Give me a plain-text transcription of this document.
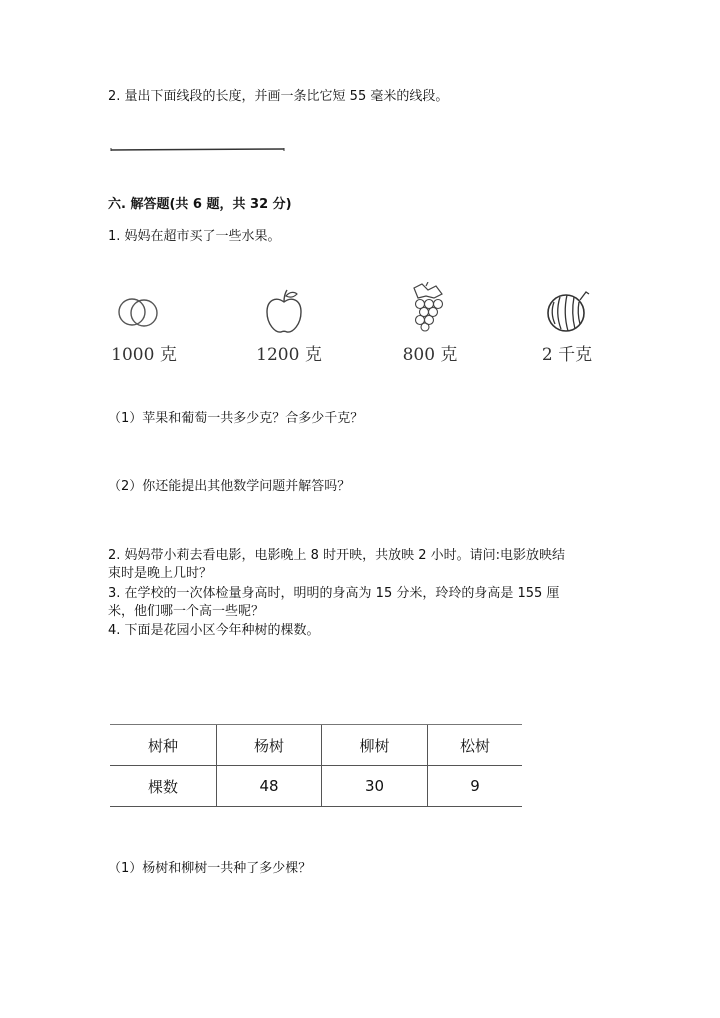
2. 量出下面线段的长度，并画一条比它短 55 毫米的线段。
六. 解答题(共 6 题，共 32 分)
1. 妈妈在超市买了一些水果。
1000 克	1200 克	800 克	2 千克
（1）苹果和葡萄一共多少克？合多少千克？
（2）你还能提出其他数学问题并解答吗？
2. 妈妈带小莉去看电影，电影晚上 8 时开映，共放映 2 小时。请问:电影放映结
束时是晚上几时？
3. 在学校的一次体检量身高时，明明的身高为 15 分米，玲玲的身高是 155 厘
米，他们哪一个高一些呢？
4. 下面是花园小区今年种树的棵数。
树种	杨树	柳树	松树
棵数	48	30	9
（1）杨树和柳树一共种了多少棵？
